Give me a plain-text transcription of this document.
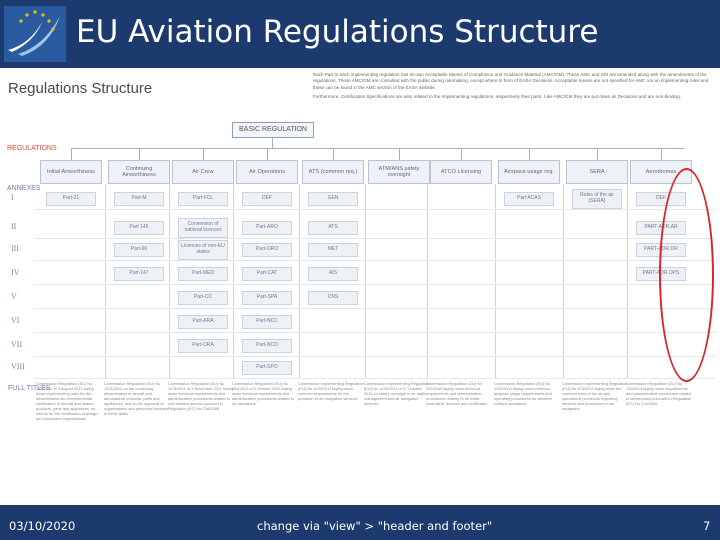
EU Aviation Regulations Structure
Regulations Structure

Each Part to each implementing regulation has its own Acceptable Means of Compliance and Guidance Material (AMC/GM). These AMC and GM are amended along with the amendments of the regulations. These AMC/GM are consulted with the public during rulemaking, except where in form of EASA Decisions. Acceptable means are not specified for AMC nor an implementing rules and these can be found in the AMC section of the EASA website.

Furthermore, Certification Specifications are also related to the Implementing regulations, respectively their parts. Like AMC/GM they are put down as Decisions and are non-binding.

BASIC REGULATION
REGULATIONS
ANNEXES
FULL TITLES
Initial Airworthiness
Part-21
Commission Regulation (EC) No 748/2012 of 3 August 2012 laying down implementing rules for the airworthiness and environmental certification of aircraft and related products, parts and appliances, as well as for the certification of design and production organisations
Continuing Airworthiness
Part-M
Part 145
Part-66
Part-147
Commission Regulation (EU) No 1321/2014 on the continuing airworthiness of aircraft and aeronautical products, parts and appliances, and on the approval of organisations and personnel involved in these tasks
Air Crew
Part-FCL
Conversion of national licences
Licences of non-EU states
Part-MED
Part-CC
Part-ARA
Part-ORA
Commission Regulation (EU) No 1178/2011 of 3 November 2011 laying down technical requirements and administrative procedures related to civil aviation aircrew pursuant to Regulation (EC) No 216/2008
Air Operations
DEF
Part-ARO
Part-ORO
Part-CAT
Part-SPA
Part-NCC
Part-NCO
Part-SPO
Commission Regulation (EU) No 965/2012 of 5 October 2012 laying down technical requirements and administrative procedures related to air operations
ATS (common req.)
GEN
ATS
MET
AIS
CNS
Commission Implementing Regulation (EU) No 1035/2011 laying down common requirements for the provision of air navigation services
ATM/ANS safety oversight
Commission Implementing Regulation (EU) No 1034/2011 of 17 October 2011 on safety oversight in air traffic management and air navigation services
ATCO Licensing
Commission Regulation (EU) No 2015/340 laying down technical requirements and administrative procedures relating to air traffic controllers' licences and certificates
Airspace usage req.
Part ACAS
Commission Regulation (EU) No 1332/2011 laying down common airspace usage requirements and operating procedures for airborne collision avoidance
SERA
Rules of the air (SERA)
Commission Implementing Regulation (EU) No 923/2012 laying down the common rules of the air and operational provisions regarding services and procedures in air navigation
Aerodromes
DEF
PART-ADR.AR
PART-ADR.OR
PART-ADR.OPS
Commission Regulation (EU) No 139/2014 laying down requirements and administrative procedures related to aerodromes pursuant to Regulation (EC) No 216/2008
I
II
III
IV
V
VI
VII
VIII
03/10/2020	change via "view" > "header and footer"	7
